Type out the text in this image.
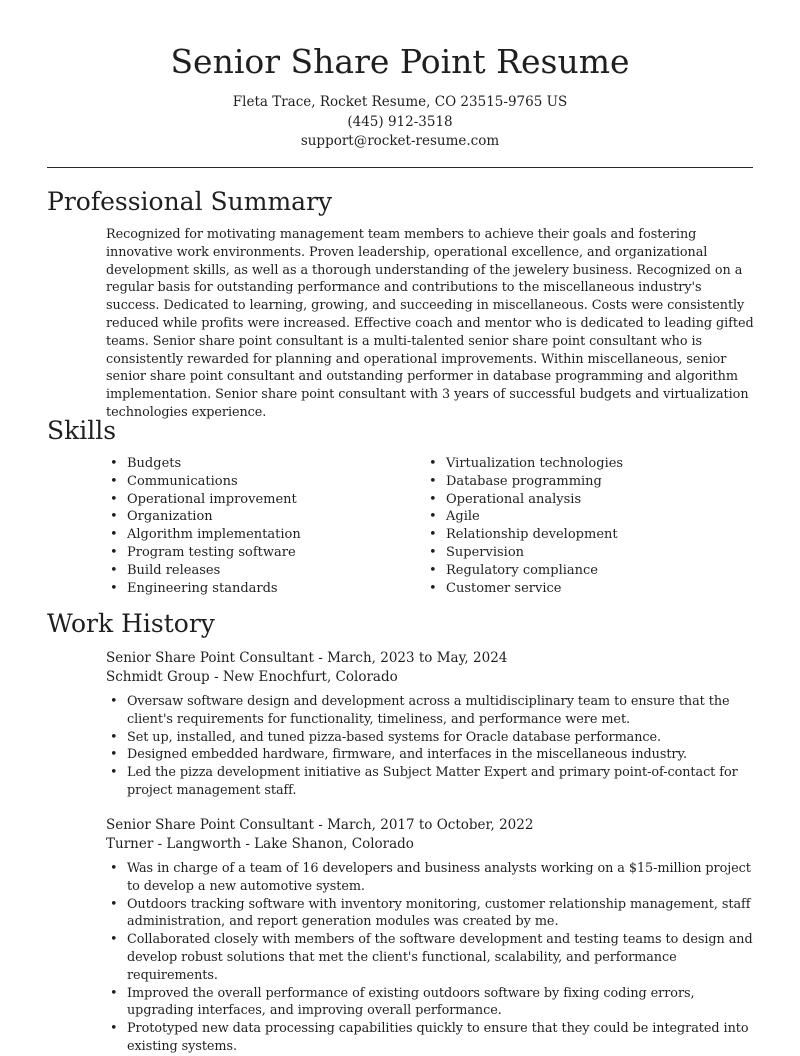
Senior Share Point Resume
Fleta Trace, Rocket Resume, CO 23515-9765 US
(445) 912-3518
support@rocket-resume.com
Professional Summary

Recognized for motivating management team members to achieve their goals and fostering innovative work environments. Proven leadership, operational excellence, and organizational development skills, as well as a thorough understanding of the jewelery business. Recognized on a regular basis for outstanding performance and contributions to the miscellaneous industry's success. Dedicated to learning, growing, and succeeding in miscellaneous. Costs were consistently reduced while profits were increased. Effective coach and mentor who is dedicated to leading gifted teams. Senior share point consultant is a multi-talented senior share point consultant who is consistently rewarded for planning and operational improvements. Within miscellaneous, senior senior share point consultant and outstanding performer in database programming and algorithm implementation. Senior share point consultant with 3 years of successful budgets and virtualization technologies experience.

Skills
• Budgets
• Communications
• Operational improvement
• Organization
• Algorithm implementation
• Program testing software
• Build releases
• Engineering standards
• Virtualization technologies
• Database programming
• Operational analysis
• Agile
• Relationship development
• Supervision
• Regulatory compliance
• Customer service
Work History
Senior Share Point Consultant - March, 2023 to May, 2024
Schmidt Group - New Enochfurt, Colorado
• Oversaw software design and development across a multidisciplinary team to ensure that the client's requirements for functionality, timeliness, and performance were met.
• Set up, installed, and tuned pizza-based systems for Oracle database performance.
• Designed embedded hardware, firmware, and interfaces in the miscellaneous industry.
• Led the pizza development initiative as Subject Matter Expert and primary point-of-contact for project management staff.
Senior Share Point Consultant - March, 2017 to October, 2022
Turner - Langworth - Lake Shanon, Colorado
• Was in charge of a team of 16 developers and business analysts working on a $15-million project to develop a new automotive system.
• Outdoors tracking software with inventory monitoring, customer relationship management, staff administration, and report generation modules was created by me.
• Collaborated closely with members of the software development and testing teams to design and develop robust solutions that met the client's functional, scalability, and performance requirements.
• Improved the overall performance of existing outdoors software by fixing coding errors, upgrading interfaces, and improving overall performance.
• Prototyped new data processing capabilities quickly to ensure that they could be integrated into existing systems.
